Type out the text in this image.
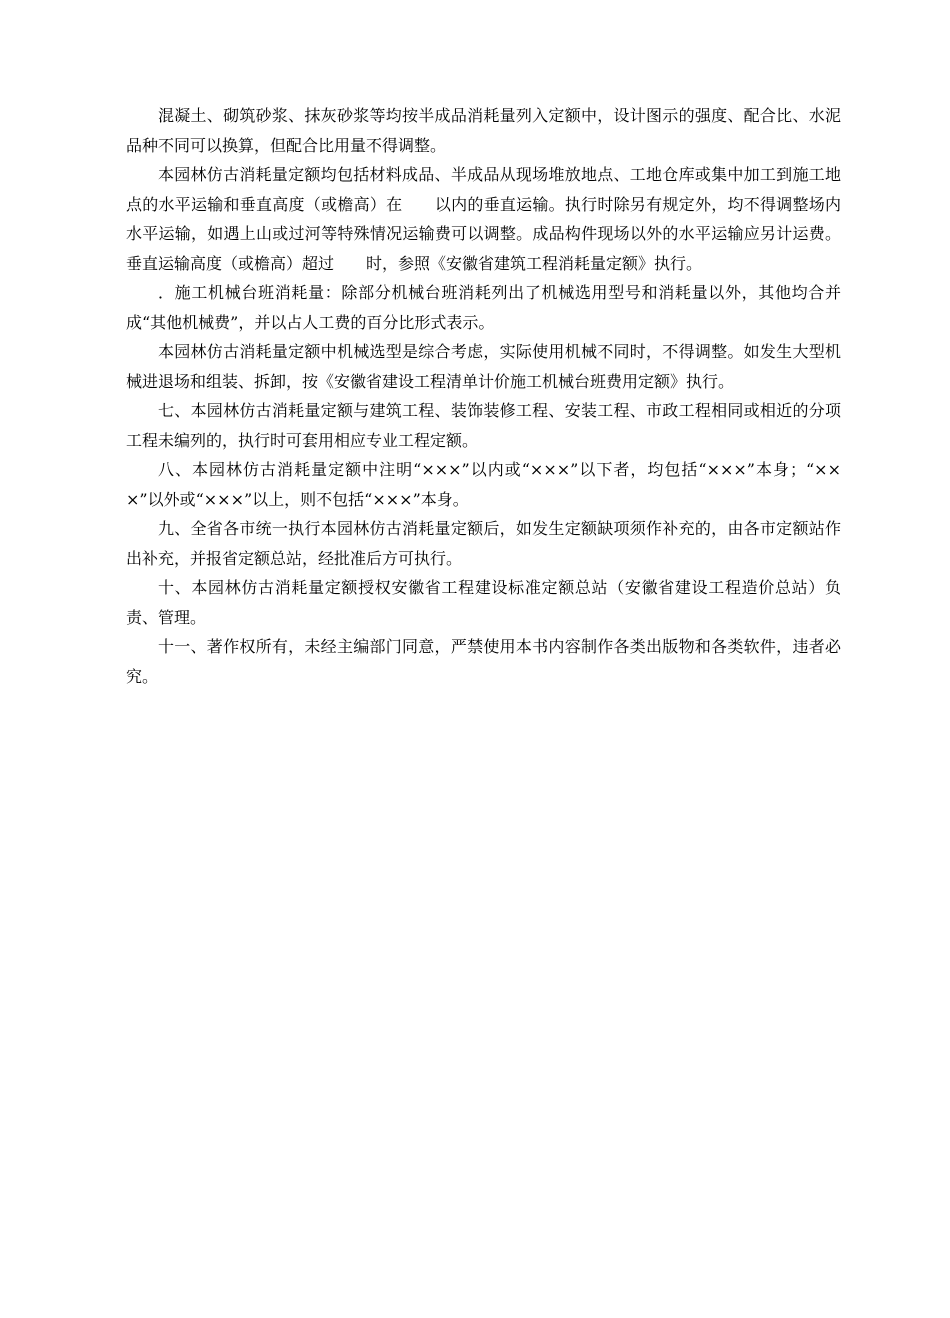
混凝土、砌筑砂浆、抹灰砂浆等均按半成品消耗量列入定额中，设计图示的强度、配合比、水泥品种不同可以换算，但配合比用量不得调整。

本园林仿古消耗量定额均包括材料成品、半成品从现场堆放地点、工地仓库或集中加工到施工地点的水平运输和垂直高度（或檐高）在　　以内的垂直运输。执行时除另有规定外，均不得调整场内水平运输，如遇上山或过河等特殊情况运输费可以调整。成品构件现场以外的水平运输应另计运费。垂直运输高度（或檐高）超过　　时，参照《安徽省建筑工程消耗量定额》执行。

．施工机械台班消耗量：除部分机械台班消耗列出了机械选用型号和消耗量以外，其他均合并成“其他机械费”，并以占人工费的百分比形式表示。

本园林仿古消耗量定额中机械选型是综合考虑，实际使用机械不同时，不得调整。如发生大型机械进退场和组装、拆卸，按《安徽省建设工程清单计价施工机械台班费用定额》执行。

七、本园林仿古消耗量定额与建筑工程、装饰装修工程、安装工程、市政工程相同或相近的分项工程未编列的，执行时可套用相应专业工程定额。

八、本园林仿古消耗量定额中注明“×××”以内或“×××”以下者，均包括“×××”本身；“×××”以外或“×××”以上，则不包括“×××”本身。

九、全省各市统一执行本园林仿古消耗量定额后，如发生定额缺项须作补充的，由各市定额站作出补充，并报省定额总站，经批准后方可执行。

十、本园林仿古消耗量定额授权安徽省工程建设标准定额总站（安徽省建设工程造价总站）负责、管理。

十一、著作权所有，未经主编部门同意，严禁使用本书内容制作各类出版物和各类软件，违者必究。
